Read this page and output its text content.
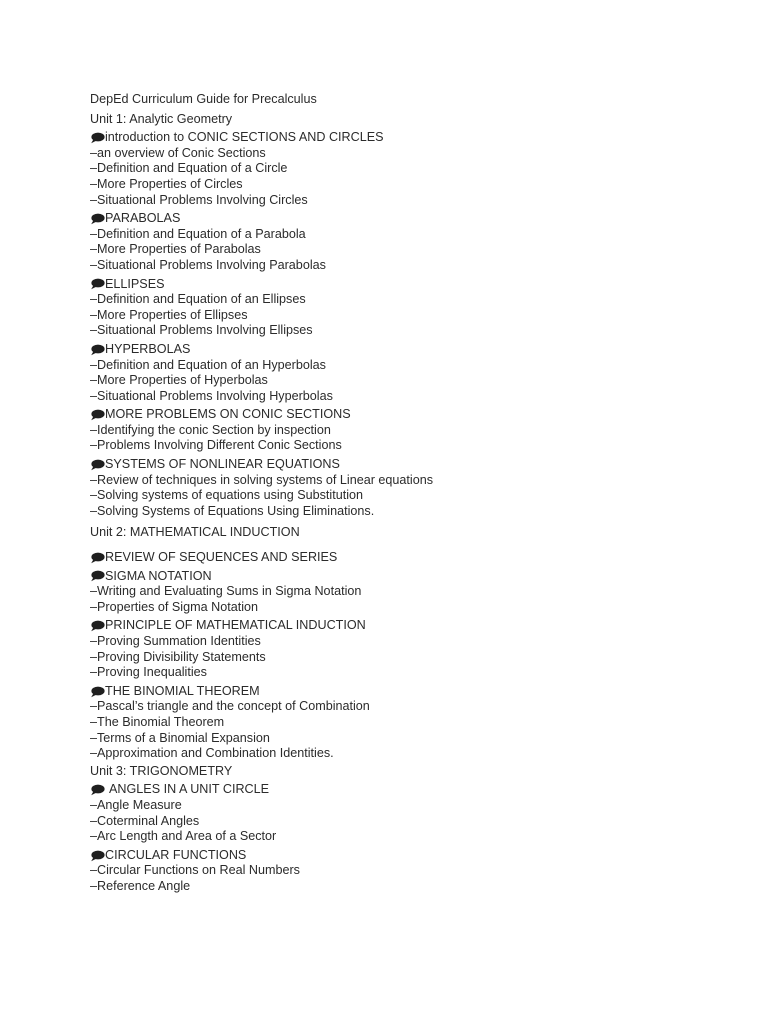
DepEd Curriculum Guide for Precalculus
Unit 1: Analytic Geometry
introduction to CONIC SECTIONS AND CIRCLES
–an overview of Conic Sections
–Definition and Equation of a Circle
–More Properties of Circles
–Situational Problems Involving Circles
PARABOLAS
–Definition and Equation of a Parabola
–More Properties of Parabolas
–Situational Problems Involving Parabolas
ELLIPSES
–Definition and Equation of an Ellipses
–More Properties of Ellipses
–Situational Problems Involving Ellipses
HYPERBOLAS
–Definition and Equation of an Hyperbolas
–More Properties of Hyperbolas
–Situational Problems Involving Hyperbolas
MORE PROBLEMS ON CONIC SECTIONS
–Identifying the conic Section by inspection
–Problems Involving Different Conic Sections
SYSTEMS OF NONLINEAR EQUATIONS
–Review of techniques in solving systems of Linear equations
–Solving systems of equations using Substitution
–Solving Systems of Equations Using Eliminations.
Unit 2: MATHEMATICAL INDUCTION
REVIEW OF SEQUENCES AND SERIES
SIGMA NOTATION
–Writing and Evaluating Sums in Sigma Notation
–Properties of Sigma Notation
PRINCIPLE OF MATHEMATICAL INDUCTION
–Proving Summation Identities
–Proving Divisibility Statements
–Proving Inequalities
THE BINOMIAL THEOREM
–Pascal’s triangle and the concept of Combination
–The Binomial Theorem
–Terms of a Binomial Expansion
–Approximation and Combination Identities.
Unit 3: TRIGONOMETRY
ANGLES IN A UNIT CIRCLE
–Angle Measure
–Coterminal Angles
–Arc Length and Area of a Sector
CIRCULAR FUNCTIONS
–Circular Functions on Real Numbers
–Reference Angle
